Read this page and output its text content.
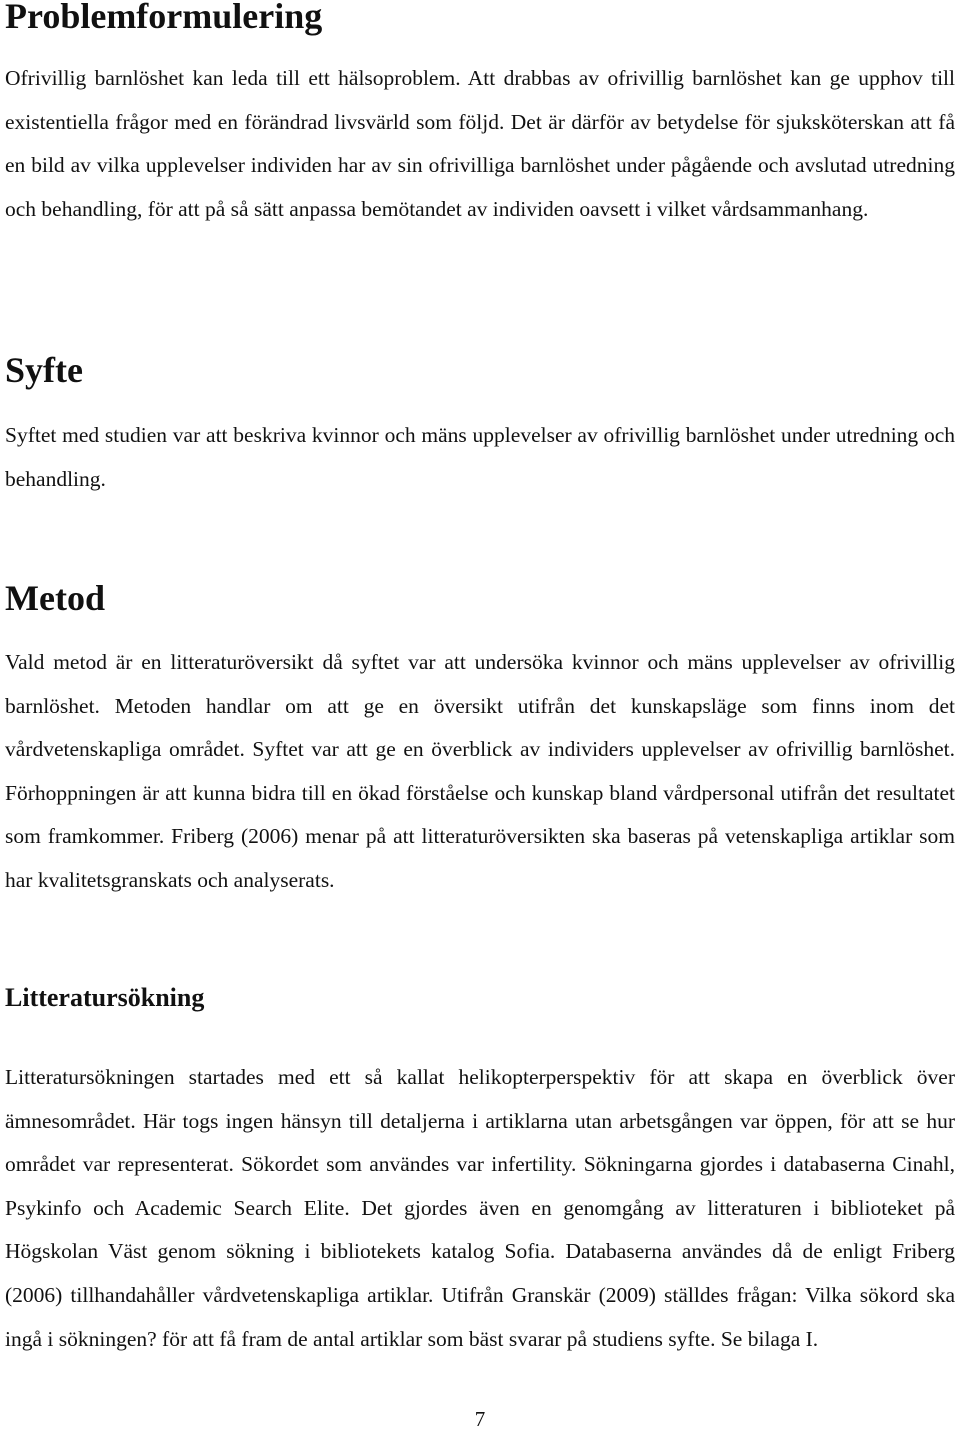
Problemformulering

Ofrivillig barnlöshet kan leda till ett hälsoproblem. Att drabbas av ofrivillig barnlöshet kan ge upphov till existentiella frågor med en förändrad livsvärld som följd. Det är därför av betydelse för sjuksköterskan att få en bild av vilka upplevelser individen har av sin ofrivilliga barnlöshet under pågående och avslutad utredning och behandling, för att på så sätt anpassa bemötandet av individen oavsett i vilket vårdsammanhang.

Syfte

Syftet med studien var att beskriva kvinnor och mäns upplevelser av ofrivillig barnlöshet under utredning och behandling.

Metod

Vald metod är en litteraturöversikt då syftet var att undersöka kvinnor och mäns upplevelser av ofrivillig barnlöshet. Metoden handlar om att ge en översikt utifrån det kunskapsläge som finns inom det vårdvetenskapliga området. Syftet var att ge en överblick av individers upplevelser av ofrivillig barnlöshet. Förhoppningen är att kunna bidra till en ökad förståelse och kunskap bland vårdpersonal utifrån det resultatet som framkommer. Friberg (2006) menar på att litteraturöversikten ska baseras på vetenskapliga artiklar som har kvalitetsgranskats och analyserats.

Litteratursökning

Litteratursökningen startades med ett så kallat helikopterperspektiv för att skapa en överblick över ämnesområdet. Här togs ingen hänsyn till detaljerna i artiklarna utan arbetsgången var öppen, för att se hur området var representerat. Sökordet som användes var infertility. Sökningarna gjordes i databaserna Cinahl, Psykinfo och Academic Search Elite. Det gjordes även en genomgång av litteraturen i biblioteket på Högskolan Väst genom sökning i bibliotekets katalog Sofia. Databaserna användes då de enligt Friberg (2006) tillhandahåller vårdvetenskapliga artiklar. Utifrån Granskär (2009) ställdes frågan: Vilka sökord ska ingå i sökningen? för att få fram de antal artiklar som bäst svarar på studiens syfte. Se bilaga I.

7
